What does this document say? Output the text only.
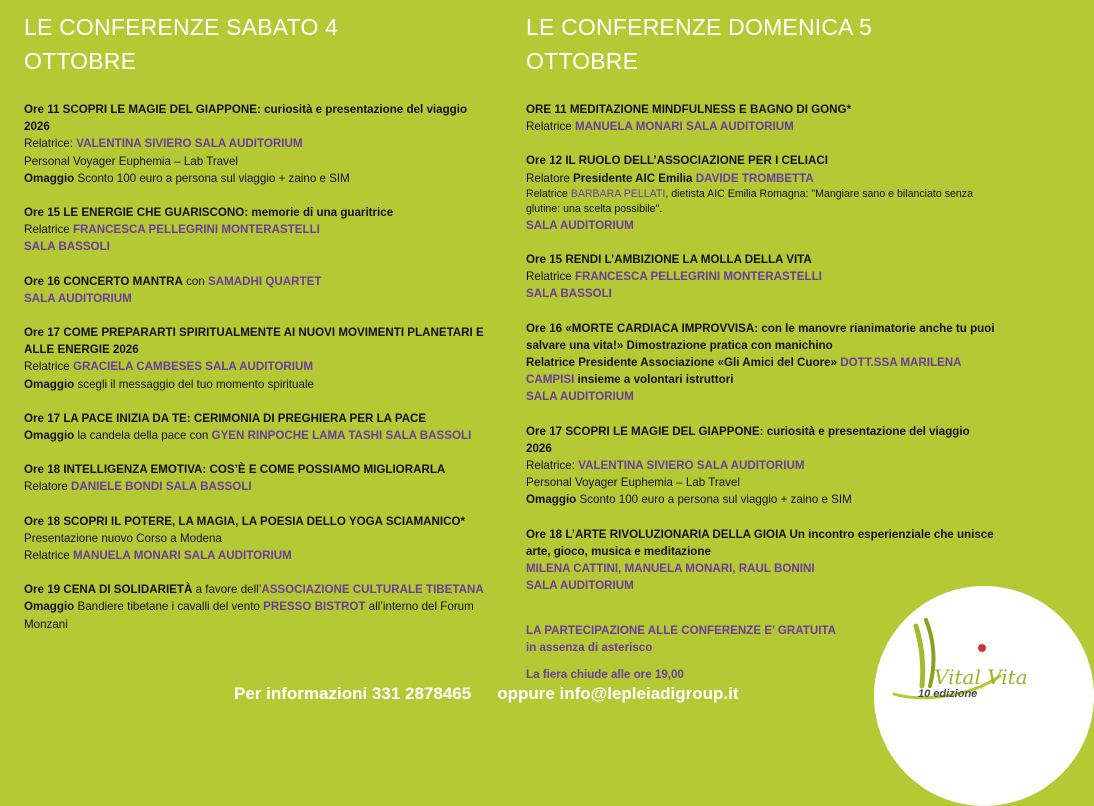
LE CONFERENZE SABATO 4
OTTOBRE

Ore 11 SCOPRI LE MAGIE DEL GIAPPONE: curiosità e presentazione del viaggio 2026

Relatrice: VALENTINA SIVIERO SALA AUDITORIUM

Personal Voyager Euphemia – Lab Travel

Omaggio Sconto 100 euro a persona sul viaggio + zaino e SIM

Ore 15 LE ENERGIE CHE GUARISCONO: memorie di una guaritrice

Relatrice FRANCESCA PELLEGRINI MONTERASTELLI

SALA BASSOLI

Ore 16 CONCERTO MANTRA con SAMADHI QUARTET

SALA AUDITORIUM

Ore 17 COME PREPARARTI SPIRITUALMENTE AI NUOVI MOVIMENTI PLANETARI E ALLE ENERGIE 2026

Relatrice GRACIELA CAMBESES SALA AUDITORIUM

Omaggio scegli il messaggio del tuo momento spirituale

Ore 17 LA PACE INIZIA DA TE: CERIMONIA DI PREGHIERA PER LA PACE

Omaggio la candela della pace con GYEN RINPOCHE LAMA TASHI SALA BASSOLI

Ore 18 INTELLIGENZA EMOTIVA: COS’È E COME POSSIAMO MIGLIORARLA

Relatore DANIELE BONDI SALA BASSOLI

Ore 18 SCOPRI IL POTERE, LA MAGIA, LA POESIA DELLO YOGA SCIAMANICO* Presentazione nuovo Corso a Modena

Relatrice MANUELA MONARI SALA AUDITORIUM

Ore 19 CENA DI SOLIDARIETÀ a favore dell’ASSOCIAZIONE CULTURALE TIBETANA Omaggio Bandiere tibetane i cavalli del vento PRESSO BISTROT all’interno del Forum Monzani

LE CONFERENZE DOMENICA 5
OTTOBRE

ORE 11 MEDITAZIONE MINDFULNESS E BAGNO DI GONG*

Relatrice MANUELA MONARI SALA AUDITORIUM

Ore 12 IL RUOLO DELL’ASSOCIAZIONE PER I CELIACI

Relatore Presidente AIC Emilia DAVIDE TROMBETTA

Relatrice BARBARA PELLATI, dietista AIC Emilia Romagna: "Mangiare sano e bilanciato senza glutine: una scelta possibile".

SALA AUDITORIUM

Ore 15 RENDI L’AMBIZIONE LA MOLLA DELLA VITA

Relatrice FRANCESCA PELLEGRINI MONTERASTELLI

SALA BASSOLI

Ore 16 «MORTE CARDIACA IMPROVVISA: con le manovre rianimatorie anche tu puoi salvare una vita!» Dimostrazione pratica con manichino

Relatrice Presidente Associazione «Gli Amici del Cuore» DOTT.SSA MARILENA CAMPISI insieme a volontari istruttori

SALA AUDITORIUM

Ore 17 SCOPRI LE MAGIE DEL GIAPPONE: curiosità e presentazione del viaggio 2026

Relatrice: VALENTINA SIVIERO SALA AUDITORIUM

Personal Voyager Euphemia – Lab Travel

Omaggio Sconto 100 euro a persona sul viaggio + zaino e SIM

Ore 18 L’ARTE RIVOLUZIONARIA DELLA GIOIA Un incontro esperienziale che unisce arte, gioco, musica e meditazione

MILENA CATTINI, MANUELA MONARI, RAUL BONINI

SALA AUDITORIUM

LA PARTECIPAZIONE ALLE CONFERENZE E’ GRATUITA

in assenza di asterisco

La fiera chiude alle ore 19,00	Vital Vita
10 edizione
Per informazioni 331 2878465 oppure info@lepleiadigroup.it
